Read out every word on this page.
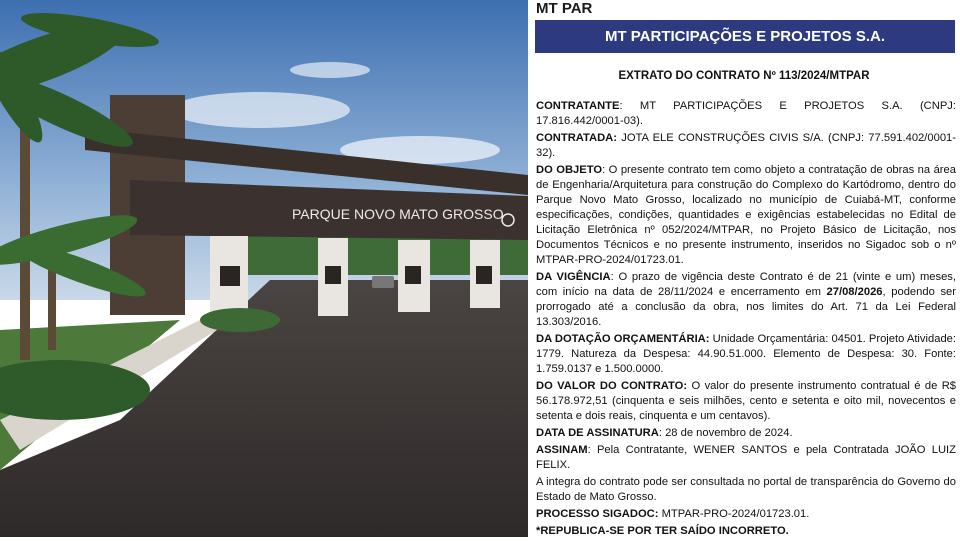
PARQUE NOVO MATO GROSSO
MT PAR
MT PARTICIPAÇÕES E PROJETOS S.A.
EXTRATO DO CONTRATO Nº 113/2024/MTPAR

CONTRATANTE: MT PARTICIPAÇÕES E PROJETOS S.A. (CNPJ: 17.816.442/0001-03).

CONTRATADA: JOTA ELE CONSTRUÇÕES CIVIS S/A. (CNPJ: 77.591.402/0001-32).

DO OBJETO: O presente contrato tem como objeto a contratação de obras na área de Engenharia/Arquitetura para construção do Complexo do Kartódromo, dentro do Parque Novo Mato Grosso, localizado no município de Cuiabá-MT, conforme especificações, condições, quantidades e exigências estabelecidas no Edital de Licitação Eletrônica nº 052/2024/MTPAR, no Projeto Básico de Licitação, nos Documentos Técnicos e no presente instrumento, inseridos no Sigadoc sob o nº MTPAR-PRO-2024/01723.01.

DA VIGÊNCIA: O prazo de vigência deste Contrato é de 21 (vinte e um) meses, com início na data de 28/11/2024 e encerramento em 27/08/2026, podendo ser prorrogado até a conclusão da obra, nos limites do Art. 71 da Lei Federal 13.303/2016.

DA DOTAÇÃO ORÇAMENTÁRIA: Unidade Orçamentária: 04501. Projeto Atividade: 1779. Natureza da Despesa: 44.90.51.000. Elemento de Despesa: 30. Fonte: 1.759.0137 e 1.500.0000.

DO VALOR DO CONTRATO: O valor do presente instrumento contratual é de R$ 56.178.972,51 (cinquenta e seis milhões, cento e setenta e oito mil, novecentos e setenta e dois reais, cinquenta e um centavos).

DATA DE ASSINATURA: 28 de novembro de 2024.

ASSINAM: Pela Contratante, WENER SANTOS e pela Contratada JOÃO LUIZ FELIX.

A integra do contrato pode ser consultada no portal de transparência do Governo do Estado de Mato Grosso.

PROCESSO SIGADOC: MTPAR-PRO-2024/01723.01.

*REPUBLICA-SE POR TER SAÍDO INCORRETO.
